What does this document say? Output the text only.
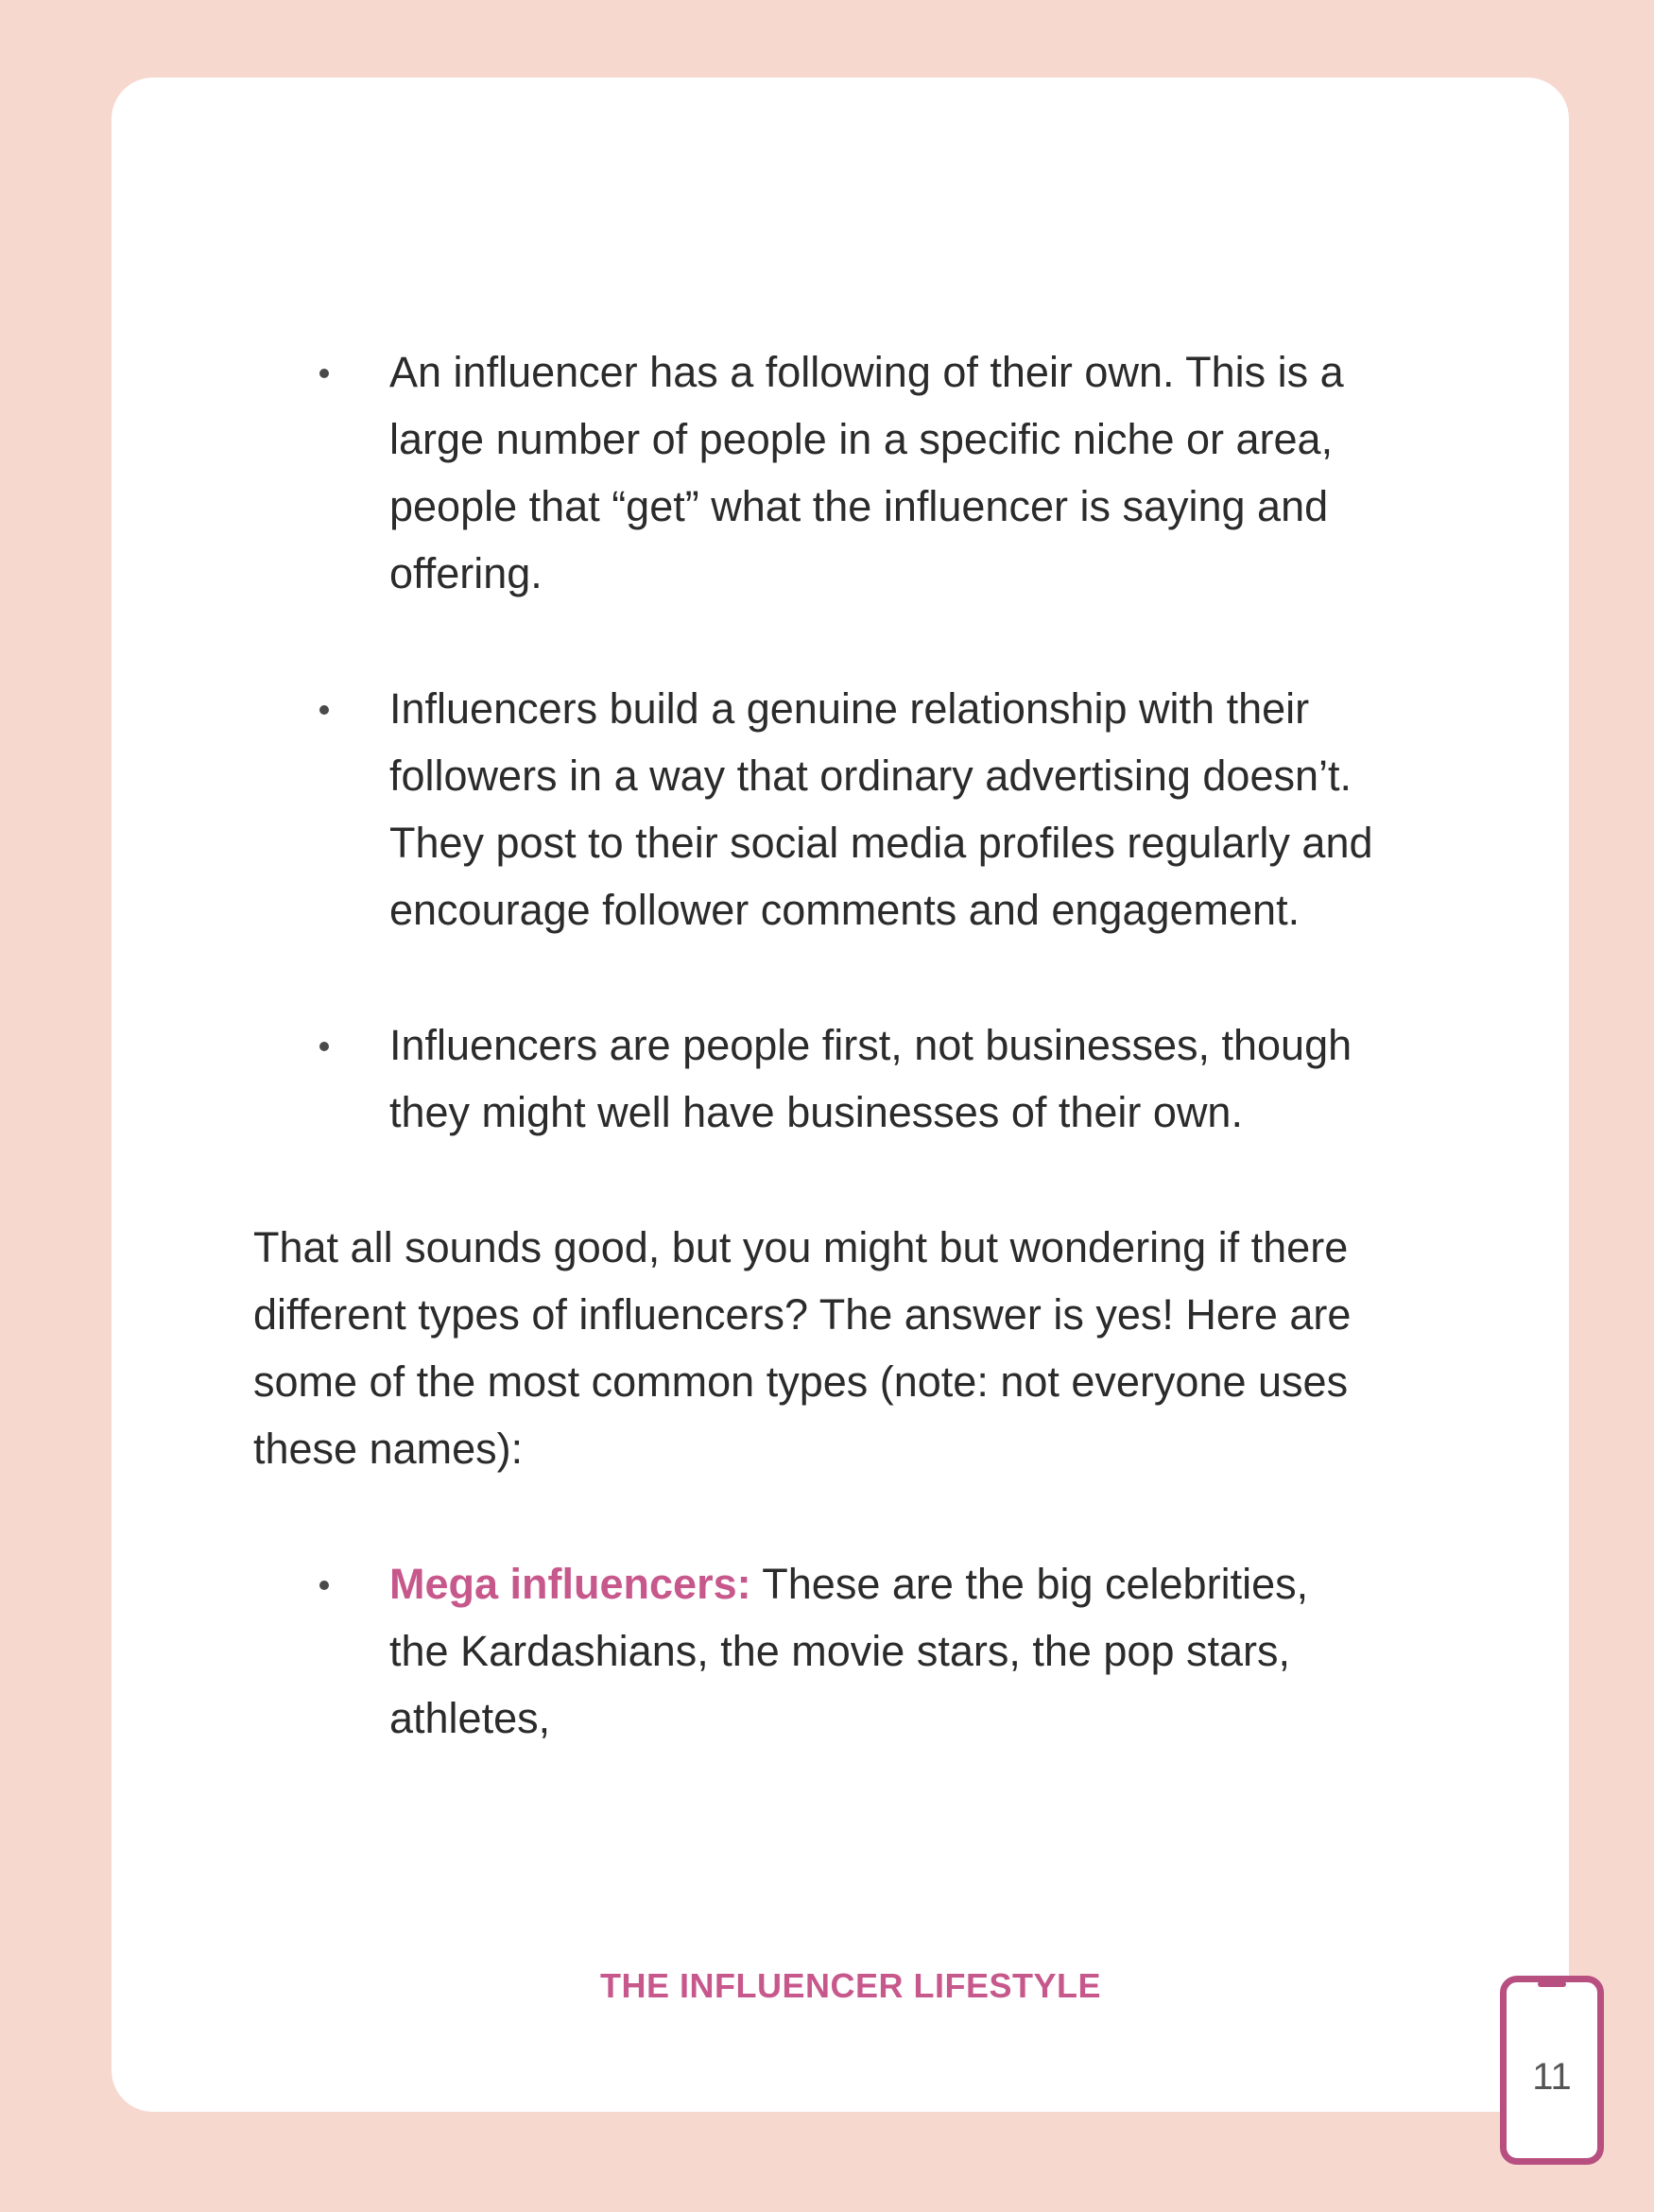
An influencer has a following of their own. This is a large number of people in a specific niche or area, people that “get” what the influencer is saying and offering.
Influencers build a genuine relationship with their followers in a way that ordinary advertising doesn’t. They post to their social media profiles regularly and encourage follower comments and engagement.
Influencers are people first, not businesses, though they might well have businesses of their own.
That all sounds good, but you might but wondering if there different types of influencers? The answer is yes! Here are some of the most common types (note: not everyone uses these names):
Mega influencers: These are the big celebrities, the Kardashians, the movie stars, the pop stars, athletes,
THE INFLUENCER LIFESTYLE
11
